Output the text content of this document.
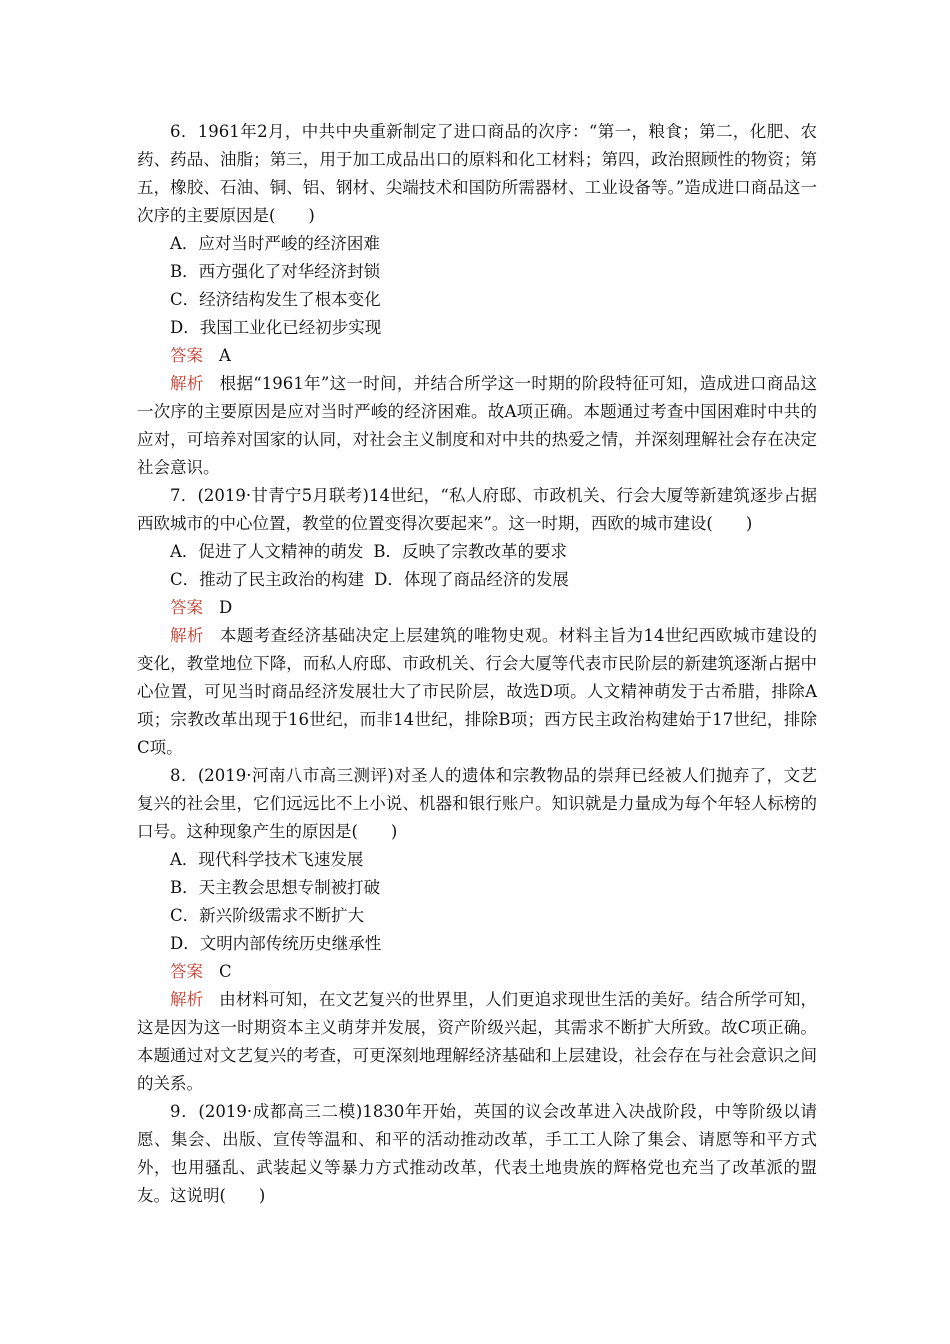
6．1961年2月，中共中央重新制定了进口商品的次序：“第一，粮食；第二，化肥、农药、药品、油脂；第三，用于加工成品出口的原料和化工材料；第四，政治照顾性的物资；第五，橡胶、石油、铜、铝、钢材、尖端技术和国防所需器材、工业设备等。”造成进口商品这一次序的主要原因是(　　)

A．应对当时严峻的经济困难

B．西方强化了对华经济封锁

C．经济结构发生了根本变化

D．我国工业化已经初步实现

答案 A

解析 根据“1961年”这一时间，并结合所学这一时期的阶段特征可知，造成进口商品这一次序的主要原因是应对当时严峻的经济困难。故A项正确。本题通过考查中国困难时中共的应对，可培养对国家的认同，对社会主义制度和对中共的热爱之情，并深刻理解社会存在决定社会意识。

7．(2019·甘青宁5月联考)14世纪，“私人府邸、市政机关、行会大厦等新建筑逐步占据西欧城市的中心位置，教堂的位置变得次要起来”。这一时期，西欧的城市建设(　　)

A．促进了人文精神的萌发 B．反映了宗教改革的要求

C．推动了民主政治的构建 D．体现了商品经济的发展

答案 D

解析 本题考查经济基础决定上层建筑的唯物史观。材料主旨为14世纪西欧城市建设的变化，教堂地位下降，而私人府邸、市政机关、行会大厦等代表市民阶层的新建筑逐渐占据中心位置，可见当时商品经济发展壮大了市民阶层，故选D项。人文精神萌发于古希腊，排除A项；宗教改革出现于16世纪，而非14世纪，排除B项；西方民主政治构建始于17世纪，排除C项。

8．(2019·河南八市高三测评)对圣人的遗体和宗教物品的崇拜已经被人们抛弃了，文艺复兴的社会里，它们远远比不上小说、机器和银行账户。知识就是力量成为每个年轻人标榜的口号。这种现象产生的原因是(　　)

A．现代科学技术飞速发展

B．天主教会思想专制被打破

C．新兴阶级需求不断扩大

D．文明内部传统历史继承性

答案 C

解析 由材料可知，在文艺复兴的世界里，人们更追求现世生活的美好。结合所学可知，这是因为这一时期资本主义萌芽并发展，资产阶级兴起，其需求不断扩大所致。故C项正确。本题通过对文艺复兴的考查，可更深刻地理解经济基础和上层建设，社会存在与社会意识之间的关系。

9．(2019·成都高三二模)1830年开始，英国的议会改革进入决战阶段，中等阶级以请愿、集会、出版、宣传等温和、和平的活动推动改革，手工工人除了集会、请愿等和平方式外，也用骚乱、武装起义等暴力方式推动改革，代表土地贵族的辉格党也充当了改革派的盟友。这说明(　　)
